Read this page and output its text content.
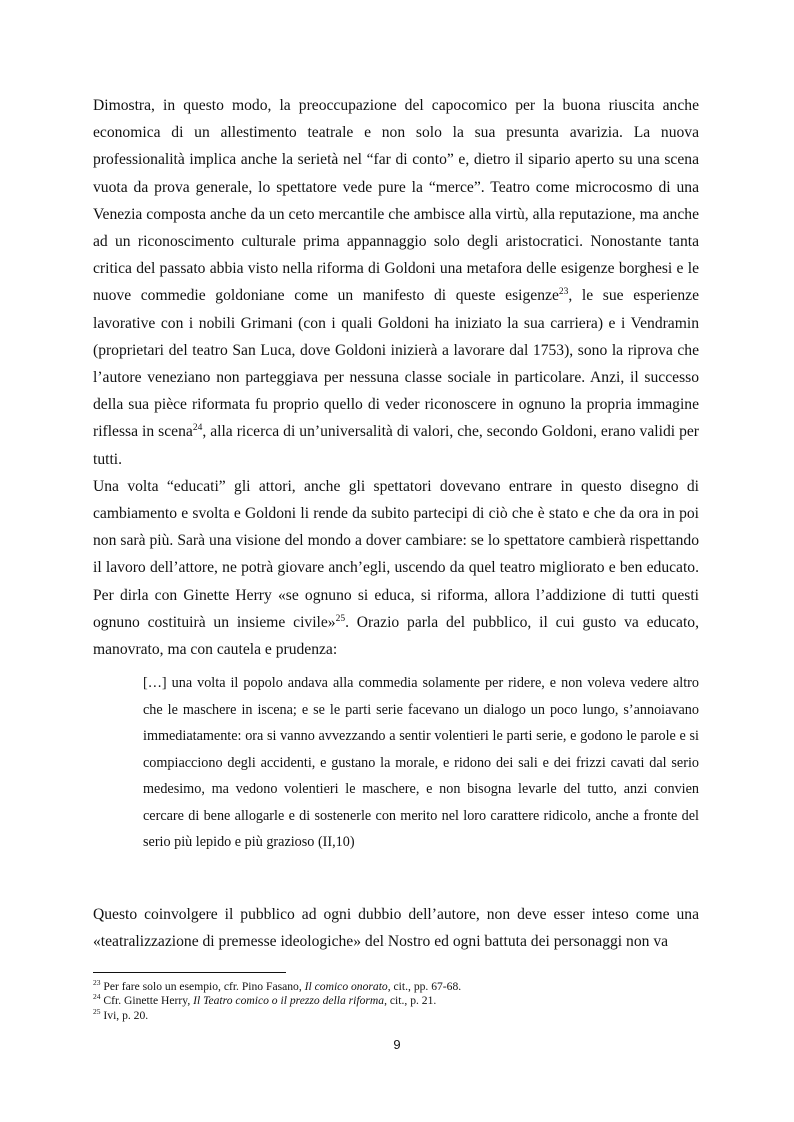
Dimostra, in questo modo, la preoccupazione del capocomico per la buona riuscita anche economica di un allestimento teatrale e non solo la sua presunta avarizia. La nuova professionalità implica anche la serietà nel “far di conto” e, dietro il sipario aperto su una scena vuota da prova generale, lo spettatore vede pure la “merce”. Teatro come microcosmo di una Venezia composta anche da un ceto mercantile che ambisce alla virtù, alla reputazione, ma anche ad un riconoscimento culturale prima appannaggio solo degli aristocratici. Nonostante tanta critica del passato abbia visto nella riforma di Goldoni una metafora delle esigenze borghesi e le nuove commedie goldoniane come un manifesto di queste esigenze$^{23}$, le sue esperienze lavorative con i nobili Grimani (con i quali Goldoni ha iniziato la sua carriera) e i Vendramin (proprietari del teatro San Luca, dove Goldoni inizierà a lavorare dal 1753), sono la riprova che l’autore veneziano non parteggiava per nessuna classe sociale in particolare. Anzi, il successo della sua pièce riformata fu proprio quello di veder riconoscere in ognuno la propria immagine riflessa in scena$^{24}$, alla ricerca di un’universalità di valori, che, secondo Goldoni, erano validi per tutti.

Una volta “educati” gli attori, anche gli spettatori dovevano entrare in questo disegno di cambiamento e svolta e Goldoni li rende da subito partecipi di ciò che è stato e che da ora in poi non sarà più. Sarà una visione del mondo a dover cambiare: se lo spettatore cambierà rispettando il lavoro dell’attore, ne potrà giovare anch’egli, uscendo da quel teatro migliorato e ben educato. Per dirla con Ginette Herry «se ognuno si educa, si riforma, allora l’addizione di tutti questi ognuno costituirà un insieme civile»$^{25}$. Orazio parla del pubblico, il cui gusto va educato, manovrato, ma con cautela e prudenza:

[…] una volta il popolo andava alla commedia solamente per ridere, e non voleva vedere altro che le maschere in iscena; e se le parti serie facevano un dialogo un poco lungo, s’annoiavano immediatamente: ora si vanno avvezzando a sentir volentieri le parti serie, e godono le parole e si compiacciono degli accidenti, e gustano la morale, e ridono dei sali e dei frizzi cavati dal serio medesimo, ma vedono volentieri le maschere, e non bisogna levarle del tutto, anzi convien cercare di bene allogarle e di sostenerle con merito nel loro carattere ridicolo, anche a fronte del serio più lepido e più grazioso (II,10)

Questo coinvolgere il pubblico ad ogni dubbio dell’autore, non deve esser inteso come una «teatralizzazione di premesse ideologiche» del Nostro ed ogni battuta dei personaggi non va

$^{23}$ Per fare solo un esempio, cfr. Pino Fasano, Il comico onorato, cit., pp. 67-68.
$^{24}$ Cfr. Ginette Herry, Il Teatro comico o il prezzo della riforma, cit., p. 21.
$^{25}$ Ivi, p. 20.
9
